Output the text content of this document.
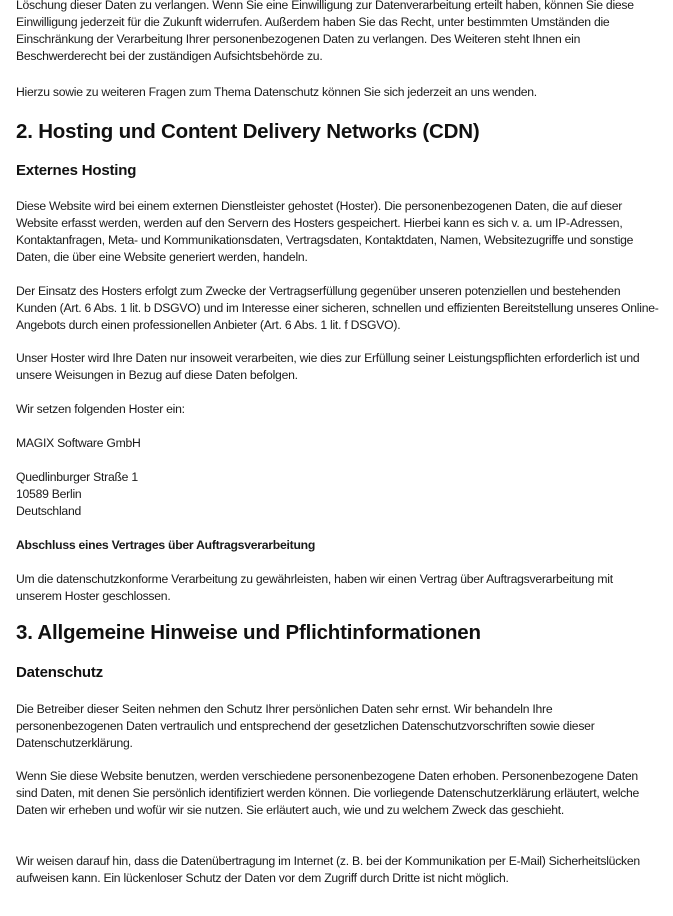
Löschung dieser Daten zu verlangen. Wenn Sie eine Einwilligung zur Datenverarbeitung erteilt haben, können Sie diese Einwilligung jederzeit für die Zukunft widerrufen. Außerdem haben Sie das Recht, unter bestimmten Umständen die Einschränkung der Verarbeitung Ihrer personenbezogenen Daten zu verlangen. Des Weiteren steht Ihnen ein Beschwerderecht bei der zuständigen Aufsichtsbehörde zu.

Hierzu sowie zu weiteren Fragen zum Thema Datenschutz können Sie sich jederzeit an uns wenden.

2. Hosting und Content Delivery Networks (CDN)
Externes Hosting

Diese Website wird bei einem externen Dienstleister gehostet (Hoster). Die personenbezogenen Daten, die auf dieser Website erfasst werden, werden auf den Servern des Hosters gespeichert. Hierbei kann es sich v. a. um IP-Adressen, Kontaktanfragen, Meta- und Kommunikationsdaten, Vertragsdaten, Kontaktdaten, Namen, Websitezugriffe und sonstige Daten, die über eine Website generiert werden, handeln.

Der Einsatz des Hosters erfolgt zum Zwecke der Vertragserfüllung gegenüber unseren potenziellen und bestehenden Kunden (Art. 6 Abs. 1 lit. b DSGVO) und im Interesse einer sicheren, schnellen und effizienten Bereitstellung unseres Online-Angebots durch einen professionellen Anbieter (Art. 6 Abs. 1 lit. f DSGVO).

Unser Hoster wird Ihre Daten nur insoweit verarbeiten, wie dies zur Erfüllung seiner Leistungspflichten erforderlich ist und unsere Weisungen in Bezug auf diese Daten befolgen.

Wir setzen folgenden Hoster ein:

MAGIX Software GmbH

Quedlinburger Straße 1

10589 Berlin

Deutschland

Abschluss eines Vertrages über Auftragsverarbeitung

Um die datenschutzkonforme Verarbeitung zu gewährleisten, haben wir einen Vertrag über Auftragsverarbeitung mit unserem Hoster geschlossen.

3. Allgemeine Hinweise und Pflichtinformationen
Datenschutz

Die Betreiber dieser Seiten nehmen den Schutz Ihrer persönlichen Daten sehr ernst. Wir behandeln Ihre personenbezogenen Daten vertraulich und entsprechend der gesetzlichen Datenschutzvorschriften sowie dieser Datenschutzerklärung.

Wenn Sie diese Website benutzen, werden verschiedene personenbezogene Daten erhoben. Personenbezogene Daten sind Daten, mit denen Sie persönlich identifiziert werden können. Die vorliegende Datenschutzerklärung erläutert, welche Daten wir erheben und wofür wir sie nutzen. Sie erläutert auch, wie und zu welchem Zweck das geschieht.

Wir weisen darauf hin, dass die Datenübertragung im Internet (z. B. bei der Kommunikation per E-Mail) Sicherheitslücken aufweisen kann. Ein lückenloser Schutz der Daten vor dem Zugriff durch Dritte ist nicht möglich.
